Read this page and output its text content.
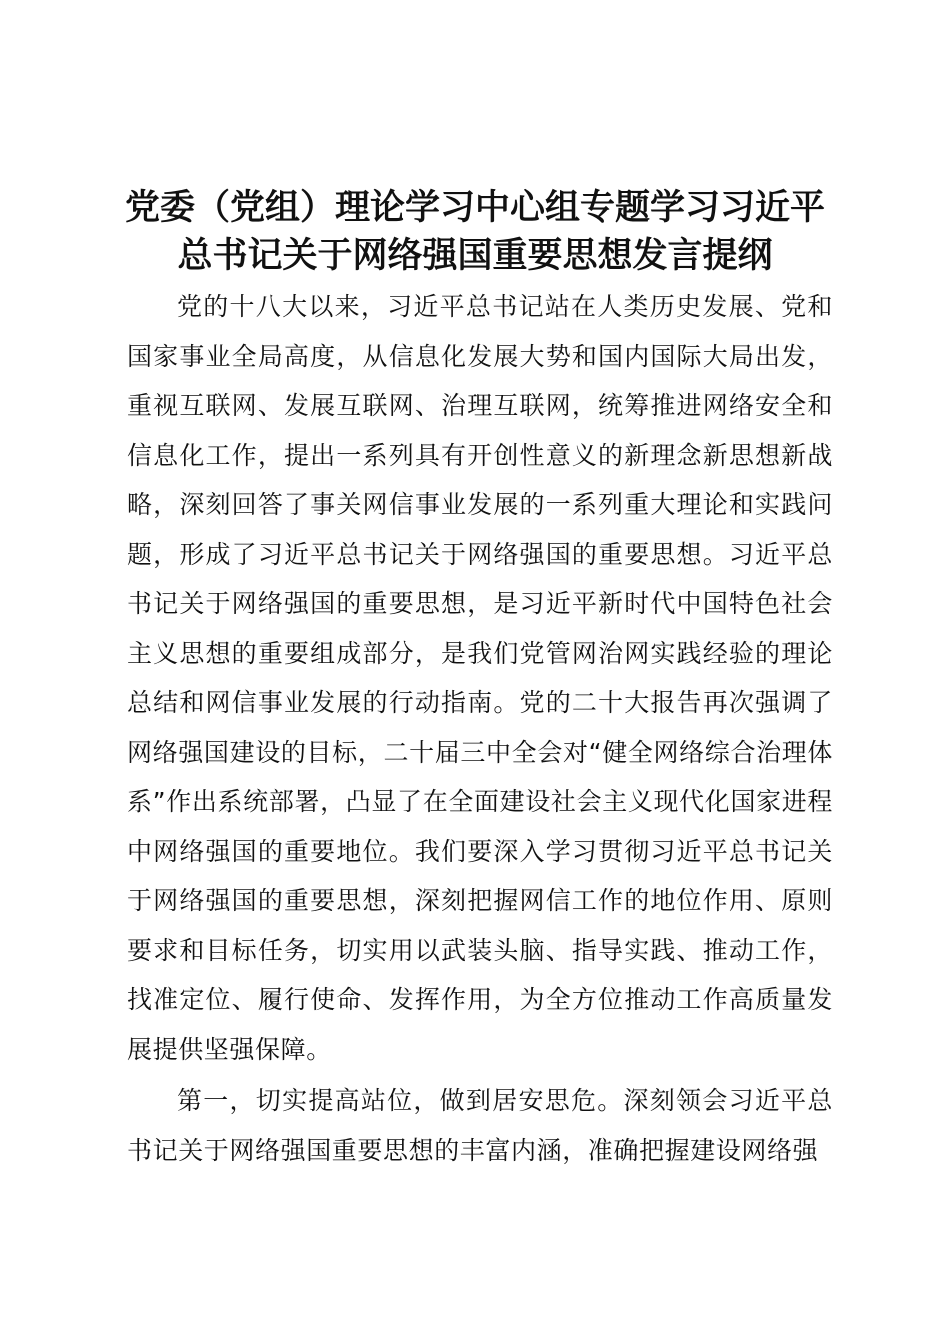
党委（党组）理论学习中心组专题学习习近平
总书记关于网络强国重要思想发言提纲

党的十八大以来，习近平总书记站在人类历史发展、党和国家事业全局高度，从信息化发展大势和国内国际大局出发，重视互联网、发展互联网、治理互联网，统筹推进网络安全和信息化工作，提出一系列具有开创性意义的新理念新思想新战略，深刻回答了事关网信事业发展的一系列重大理论和实践问题，形成了习近平总书记关于网络强国的重要思想。习近平总书记关于网络强国的重要思想，是习近平新时代中国特色社会主义思想的重要组成部分，是我们党管网治网实践经验的理论总结和网信事业发展的行动指南。党的二十大报告再次强调了网络强国建设的目标，二十届三中全会对“健全网络综合治理体系”作出系统部署，凸显了在全面建设社会主义现代化国家进程中网络强国的重要地位。我们要深入学习贯彻习近平总书记关于网络强国的重要思想，深刻把握网信工作的地位作用、原则要求和目标任务，切实用以武装头脑、指导实践、推动工作，找准定位、履行使命、发挥作用，为全方位推动工作高质量发展提供坚强保障。

第一，切实提高站位，做到居安思危。深刻领会习近平总书记关于网络强国重要思想的丰富内涵，准确把握建设网络强
